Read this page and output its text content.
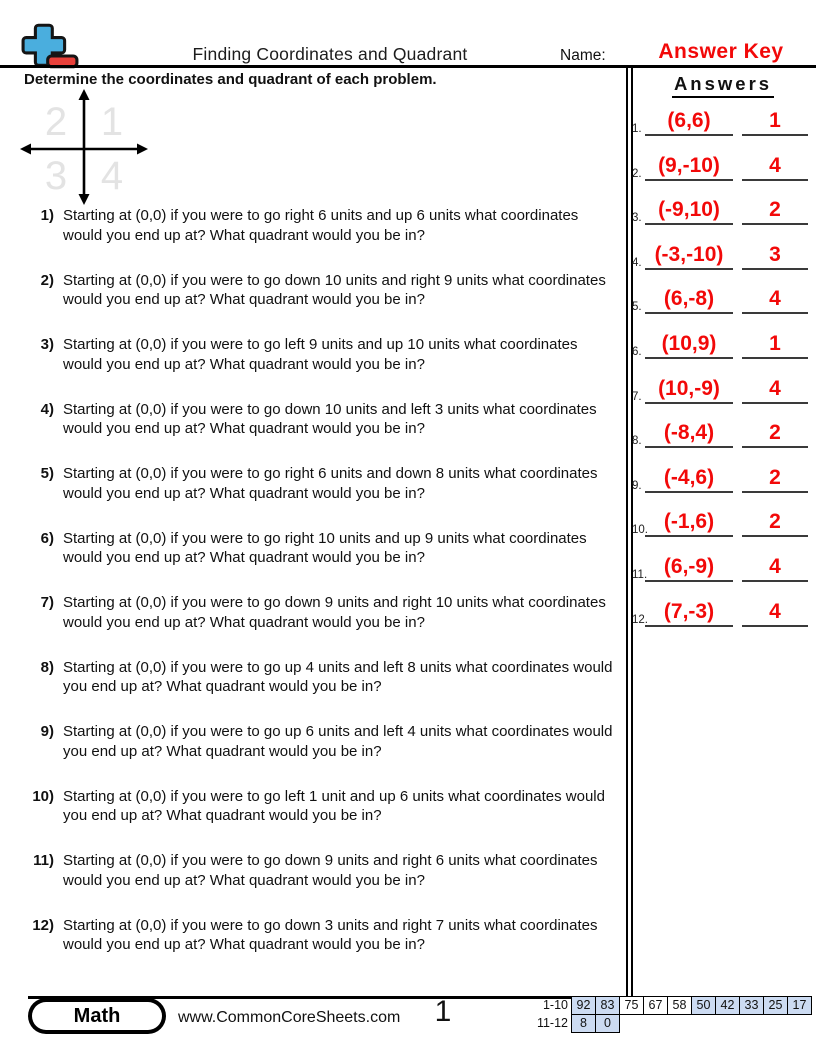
Finding Coordinates and Quadrant	Name:	Answer Key
Determine the coordinates and quadrant of each problem.
2 1
3 4
1) Starting at (0,0) if you were to go right 6 units and up 6 units what coordinates would you end up at? What quadrant would you be in?
2) Starting at (0,0) if you were to go down 10 units and right 9 units what coordinates would you end up at? What quadrant would you be in?
3) Starting at (0,0) if you were to go left 9 units and up 10 units what coordinates would you end up at? What quadrant would you be in?
4) Starting at (0,0) if you were to go down 10 units and left 3 units what coordinates would you end up at? What quadrant would you be in?
5) Starting at (0,0) if you were to go right 6 units and down 8 units what coordinates would you end up at? What quadrant would you be in?
6) Starting at (0,0) if you were to go right 10 units and up 9 units what coordinates would you end up at? What quadrant would you be in?
7) Starting at (0,0) if you were to go down 9 units and right 10 units what coordinates would you end up at? What quadrant would you be in?
8) Starting at (0,0) if you were to go up 4 units and left 8 units what coordinates would you end up at? What quadrant would you be in?
9) Starting at (0,0) if you were to go up 6 units and left 4 units what coordinates would you end up at? What quadrant would you be in?
10) Starting at (0,0) if you were to go left 1 unit and up 6 units what coordinates would you end up at? What quadrant would you be in?
11) Starting at (0,0) if you were to go down 9 units and right 6 units what coordinates would you end up at? What quadrant would you be in?
12) Starting at (0,0) if you were to go down 3 units and right 7 units what coordinates would you end up at? What quadrant would you be in?
Answers
1.	(6,6)	1
2. (9,-10)	4
3. (-9,10)	2
4. (-3,-10)	3
5.	(6,-8)	4
6. (10,9)	1
7. (10,-9)	4
8.	(-8,4)	2
9.	(-4,6)	2
10. (-1,6)	2
11. (6,-9)	4
12. (7,-3)	4
Math	www.CommonCoreSheets.com	1	1-10 92 83 75 67 58 50 42 33 25 17
11-12 8	0
